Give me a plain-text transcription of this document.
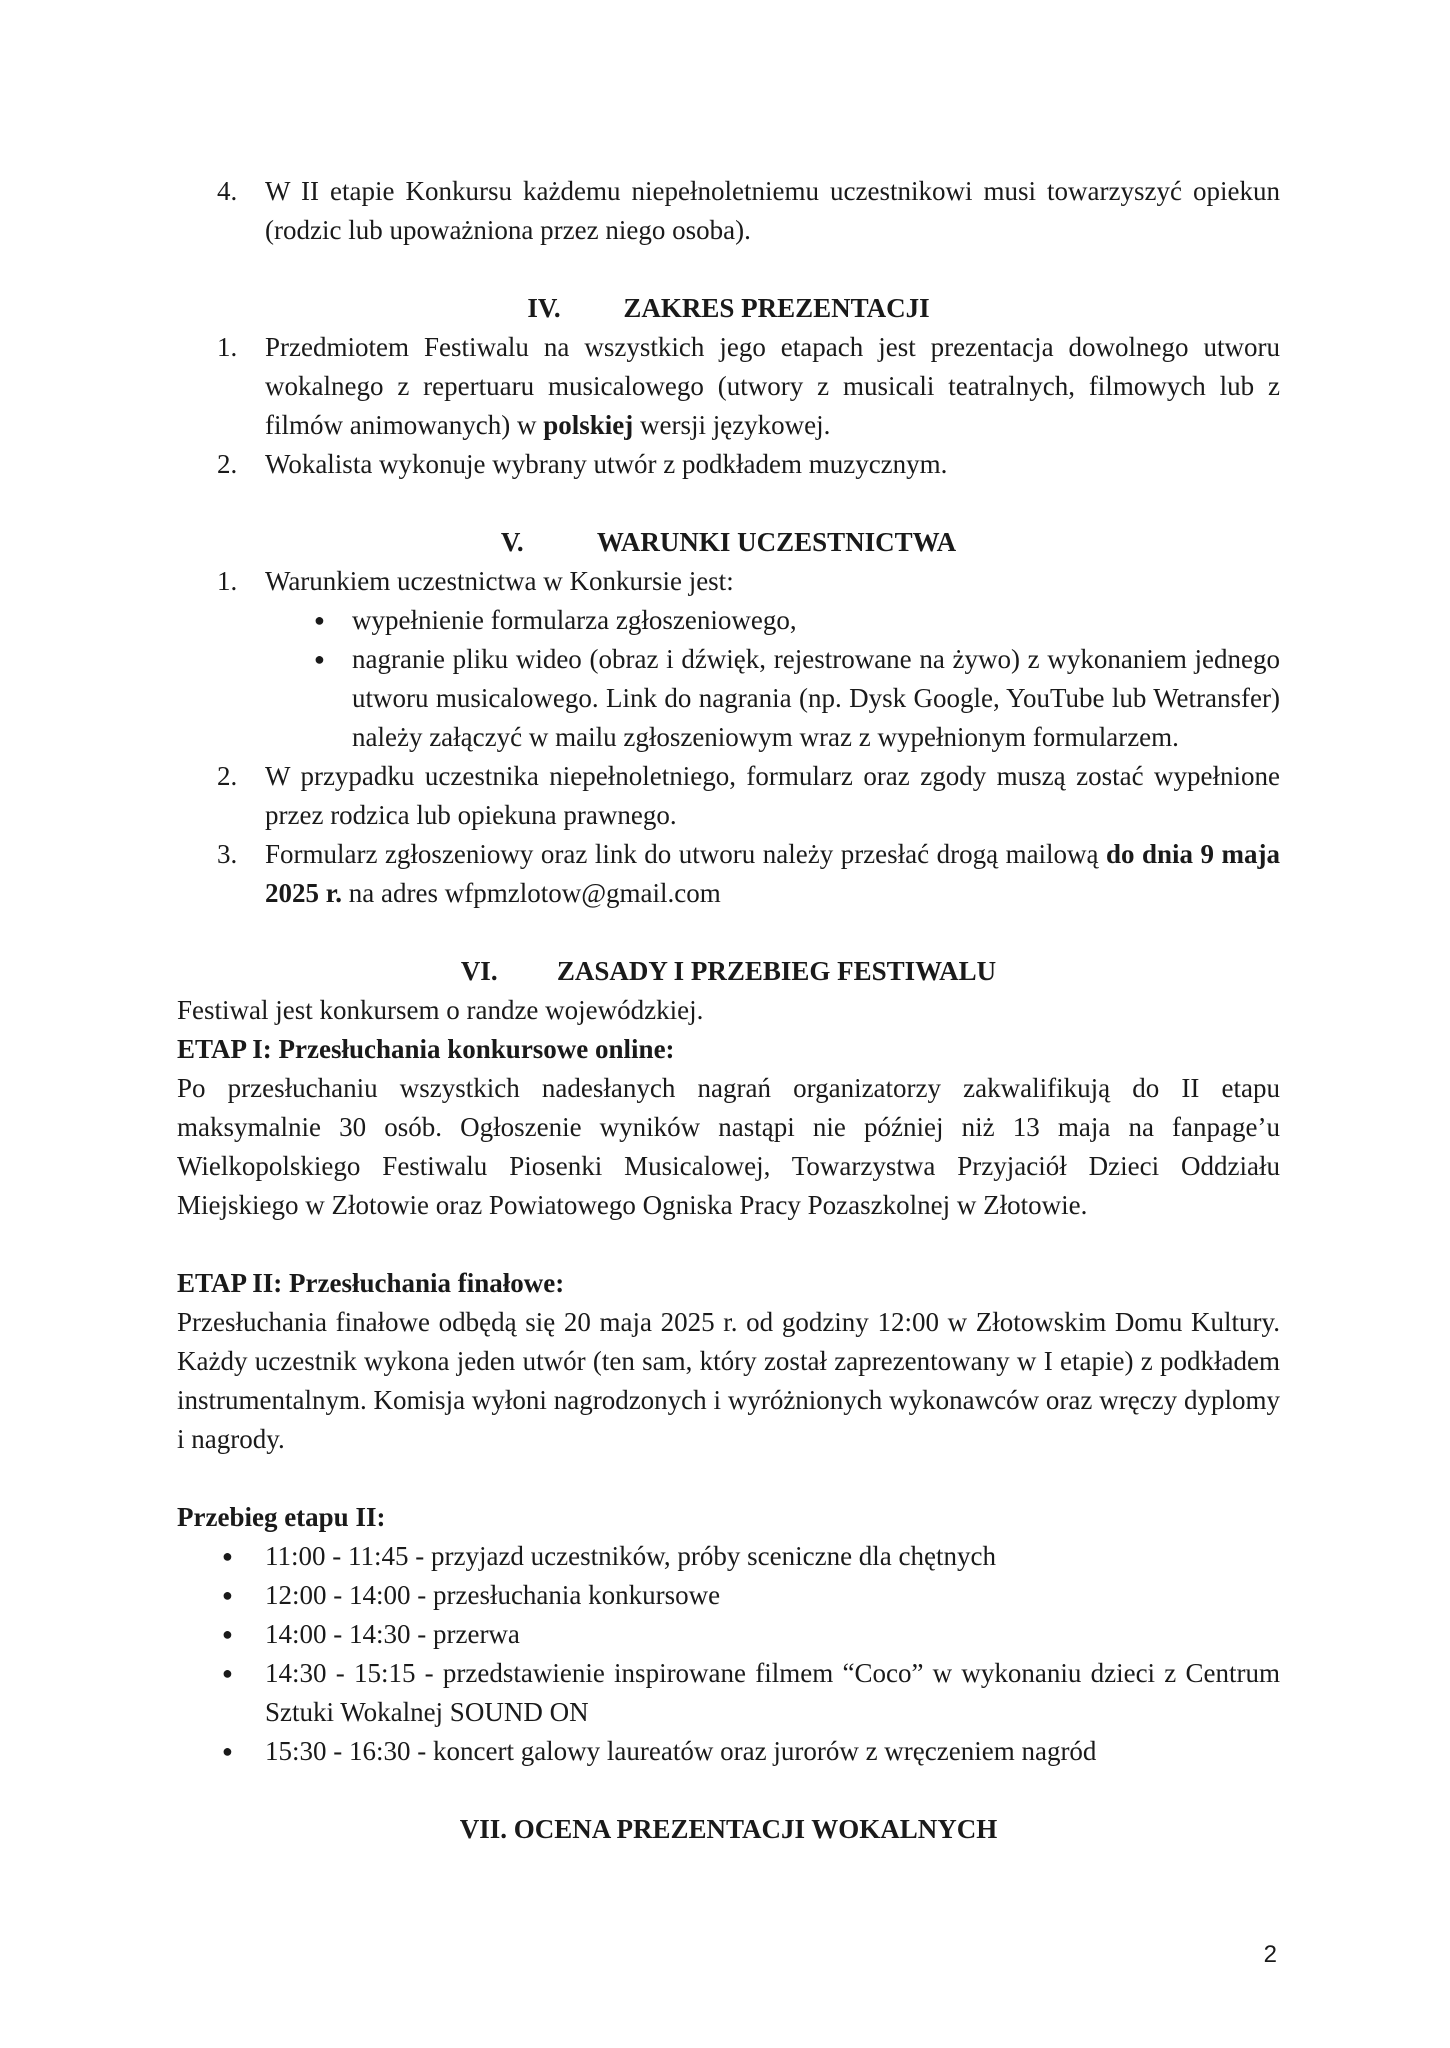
4. W II etapie Konkursu każdemu niepełnoletniemu uczestnikowi musi towarzyszyć opiekun (rodzic lub upoważniona przez niego osoba).
IV. ZAKRES PREZENTACJI
1. Przedmiotem Festiwalu na wszystkich jego etapach jest prezentacja dowolnego utworu wokalnego z repertuaru musicalowego (utwory z musicali teatralnych, filmowych lub z filmów animowanych) w polskiej wersji językowej.
2. Wokalista wykonuje wybrany utwór z podkładem muzycznym.
V.	WARUNKI UCZESTNICTWA
1. Warunkiem uczestnictwa w Konkursie jest:
● wypełnienie formularza zgłoszeniowego,
● nagranie pliku wideo (obraz i dźwięk, rejestrowane na żywo) z wykonaniem jednego utworu musicalowego. Link do nagrania (np. Dysk Google, YouTube lub Wetransfer) należy załączyć w mailu zgłoszeniowym wraz z wypełnionym formularzem.
2. W przypadku uczestnika niepełnoletniego, formularz oraz zgody muszą zostać wypełnione przez rodzica lub opiekuna prawnego.
3. Formularz zgłoszeniowy oraz link do utworu należy przesłać drogą mailową do dnia 9 maja 2025 r. na adres wfpmzlotow@gmail.com
VI. ZASADY I PRZEBIEG FESTIWALU

Festiwal jest konkursem o randze wojewódzkiej.

ETAP I: Przesłuchania konkursowe online:

Po przesłuchaniu wszystkich nadesłanych nagrań organizatorzy zakwalifikują do II etapu maksymalnie 30 osób. Ogłoszenie wyników nastąpi nie później niż 13 maja na fanpage’u Wielkopolskiego Festiwalu Piosenki Musicalowej, Towarzystwa Przyjaciół Dzieci Oddziału Miejskiego w Złotowie oraz Powiatowego Ogniska Pracy Pozaszkolnej w Złotowie.

ETAP II: Przesłuchania finałowe:

Przesłuchania finałowe odbędą się 20 maja 2025 r. od godziny 12:00 w Złotowskim Domu Kultury. Każdy uczestnik wykona jeden utwór (ten sam, który został zaprezentowany w I etapie) z podkładem instrumentalnym. Komisja wyłoni nagrodzonych i wyróżnionych wykonawców oraz wręczy dyplomy i nagrody.

Przebieg etapu II:

● 11:00 - 11:45 - przyjazd uczestników, próby sceniczne dla chętnych
● 12:00 - 14:00 - przesłuchania konkursowe
● 14:00 - 14:30 - przerwa
● 14:30 - 15:15 - przedstawienie inspirowane filmem “Coco” w wykonaniu dzieci z Centrum Sztuki Wokalnej SOUND ON
● 15:30 - 16:30 - koncert galowy laureatów oraz jurorów z wręczeniem nagród
VII. OCENA PREZENTACJI WOKALNYCH
2
